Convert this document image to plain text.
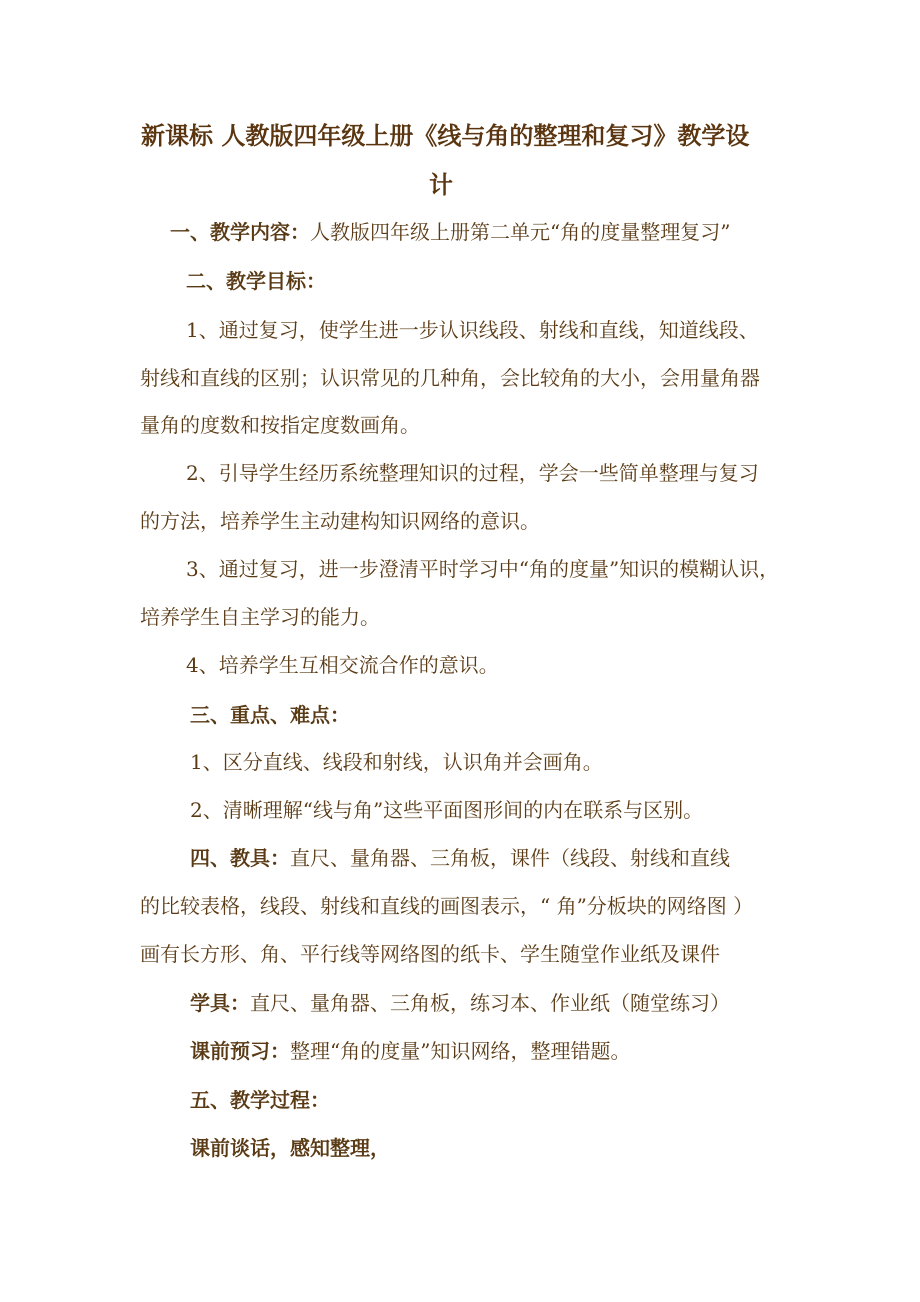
新课标 人教版四年级上册《线与角的整理和复习》教学设
计
一、教学内容：人教版四年级上册第二单元“角的度量整理复习”
二、教学目标：
1、通过复习，使学生进一步认识线段、射线和直线，知道线段、
射线和直线的区别；认识常见的几种角，会比较角的大小，会用量角器
量角的度数和按指定度数画角。
2、引导学生经历系统整理知识的过程，学会一些简单整理与复习
的方法，培养学生主动建构知识网络的意识。
3、通过复习，进一步澄清平时学习中“角的度量”知识的模糊认识，
培养学生自主学习的能力。
4、培养学生互相交流合作的意识。
三、重点、难点：
1、区分直线、线段和射线，认识角并会画角。
2、清晰理解“线与角”这些平面图形间的内在联系与区别。
四、教具：直尺、量角器、三角板，课件（线段、射线和直线
的比较表格，线段、射线和直线的画图表示，“ 角”分板块的网络图 ）
画有长方形、角、平行线等网络图的纸卡、学生随堂作业纸及课件
学具：直尺、量角器、三角板，练习本、作业纸（随堂练习）
课前预习：整理“角的度量”知识网络，整理错题。
五、教学过程：
课前谈话，感知整理，
